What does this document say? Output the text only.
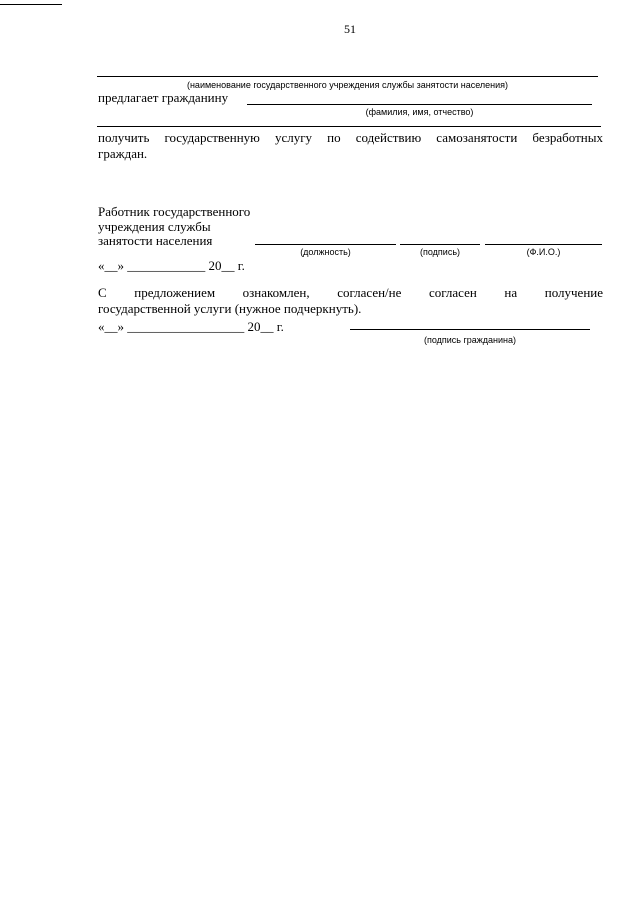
51
(наименование государственного учреждения службы занятости населения)
предлагает гражданину
(фамилия, имя, отчество)
получить государственную услугу по содействию самозанятости безработных
граждан.
Работник государственного
учреждения службы
занятости населения
(должность)	(подпись)	(Ф.И.О.)
«__» ____________ 20__ г.
С предложением ознакомлен, согласен/не согласен на получение
государственной услуги (нужное подчеркнуть).
«__» __________________ 20__ г.
(подпись гражданина)
